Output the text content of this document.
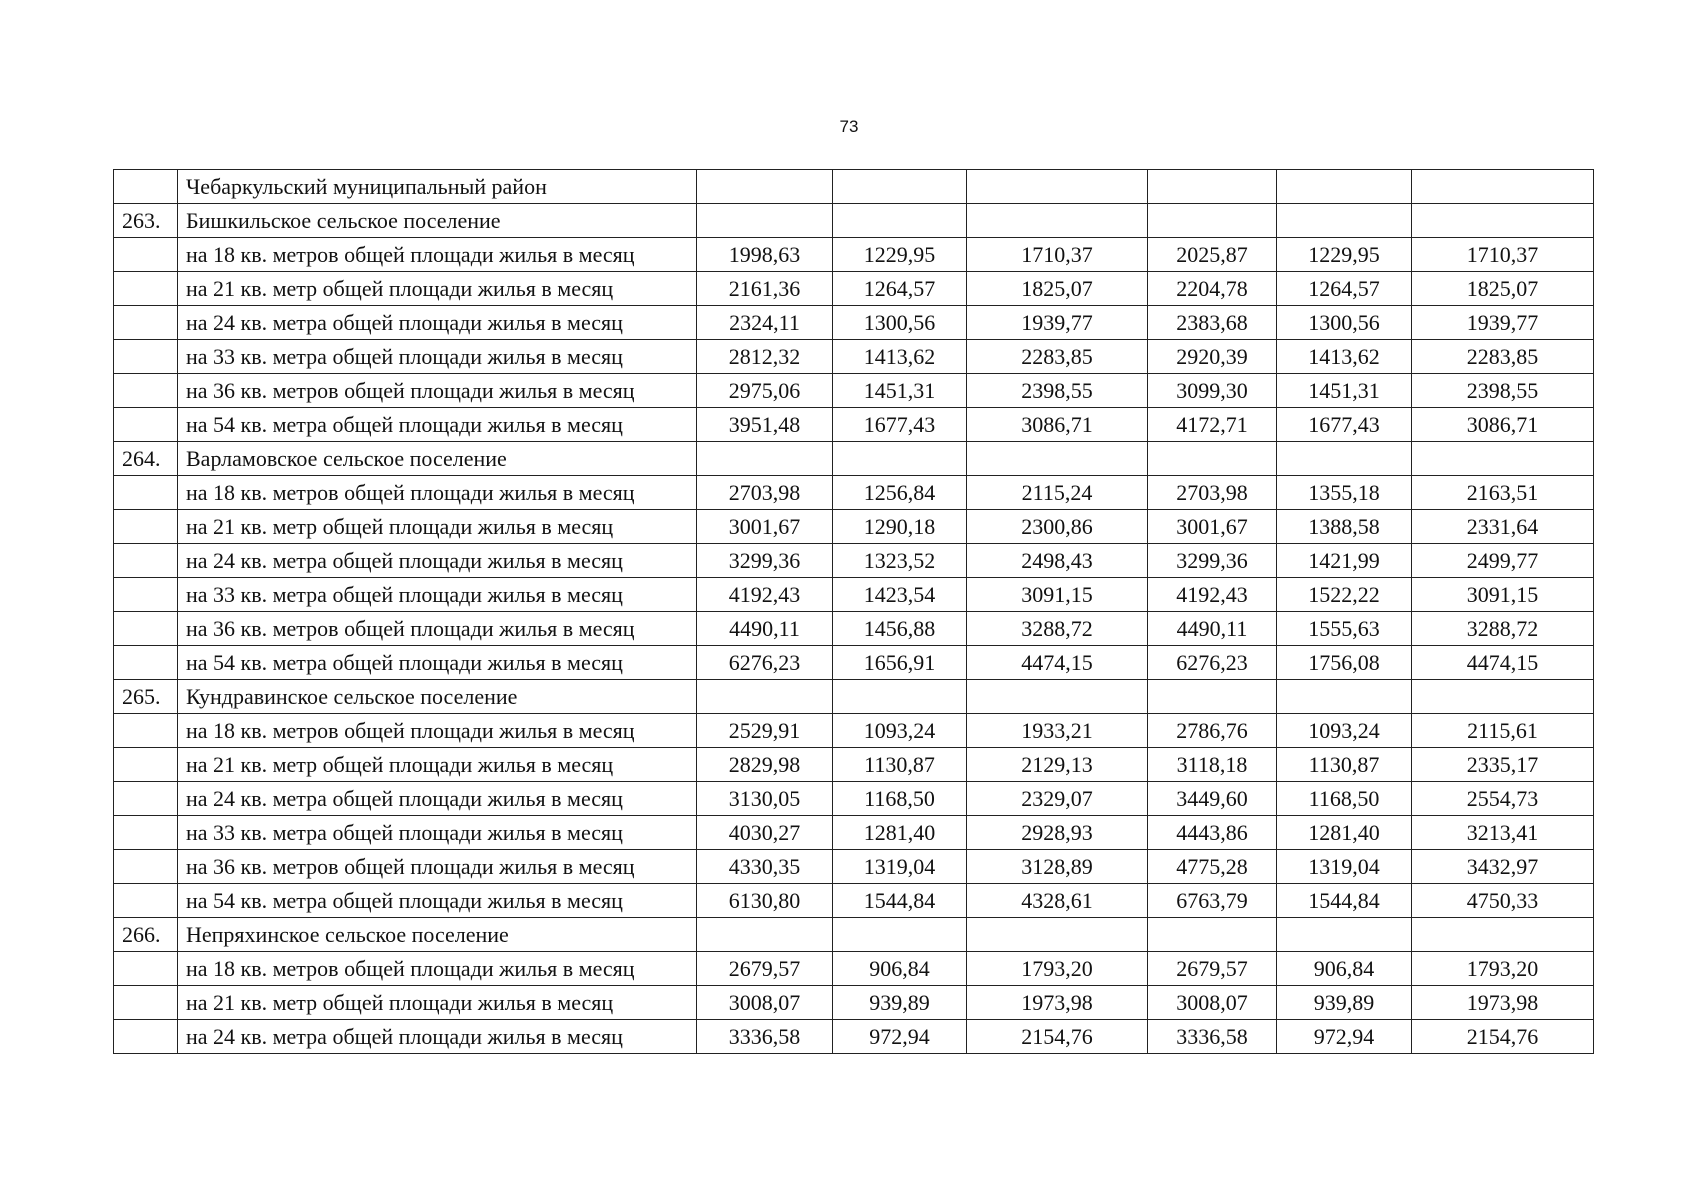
73
	Чебаркульский муниципальный район						
263.	Бишкильское сельское поселение						
	на 18 кв. метров общей площади жилья в месяц	1998,63	1229,95	1710,37	2025,87	1229,95	1710,37
	на 21 кв. метр общей площади жилья в месяц	2161,36	1264,57	1825,07	2204,78	1264,57	1825,07
	на 24 кв. метра общей площади жилья в месяц	2324,11	1300,56	1939,77	2383,68	1300,56	1939,77
	на 33 кв. метра общей площади жилья в месяц	2812,32	1413,62	2283,85	2920,39	1413,62	2283,85
	на 36 кв. метров общей площади жилья в месяц	2975,06	1451,31	2398,55	3099,30	1451,31	2398,55
	на 54 кв. метра общей площади жилья в месяц	3951,48	1677,43	3086,71	4172,71	1677,43	3086,71
264.	Варламовское сельское поселение						
	на 18 кв. метров общей площади жилья в месяц	2703,98	1256,84	2115,24	2703,98	1355,18	2163,51
	на 21 кв. метр общей площади жилья в месяц	3001,67	1290,18	2300,86	3001,67	1388,58	2331,64
	на 24 кв. метра общей площади жилья в месяц	3299,36	1323,52	2498,43	3299,36	1421,99	2499,77
	на 33 кв. метра общей площади жилья в месяц	4192,43	1423,54	3091,15	4192,43	1522,22	3091,15
	на 36 кв. метров общей площади жилья в месяц	4490,11	1456,88	3288,72	4490,11	1555,63	3288,72
	на 54 кв. метра общей площади жилья в месяц	6276,23	1656,91	4474,15	6276,23	1756,08	4474,15
265.	Кундравинское сельское поселение						
	на 18 кв. метров общей площади жилья в месяц	2529,91	1093,24	1933,21	2786,76	1093,24	2115,61
	на 21 кв. метр общей площади жилья в месяц	2829,98	1130,87	2129,13	3118,18	1130,87	2335,17
	на 24 кв. метра общей площади жилья в месяц	3130,05	1168,50	2329,07	3449,60	1168,50	2554,73
	на 33 кв. метра общей площади жилья в месяц	4030,27	1281,40	2928,93	4443,86	1281,40	3213,41
	на 36 кв. метров общей площади жилья в месяц	4330,35	1319,04	3128,89	4775,28	1319,04	3432,97
	на 54 кв. метра общей площади жилья в месяц	6130,80	1544,84	4328,61	6763,79	1544,84	4750,33
266.	Непряхинское сельское поселение						
	на 18 кв. метров общей площади жилья в месяц	2679,57	906,84	1793,20	2679,57	906,84	1793,20
	на 21 кв. метр общей площади жилья в месяц	3008,07	939,89	1973,98	3008,07	939,89	1973,98
	на 24 кв. метра общей площади жилья в месяц	3336,58	972,94	2154,76	3336,58	972,94	2154,76
